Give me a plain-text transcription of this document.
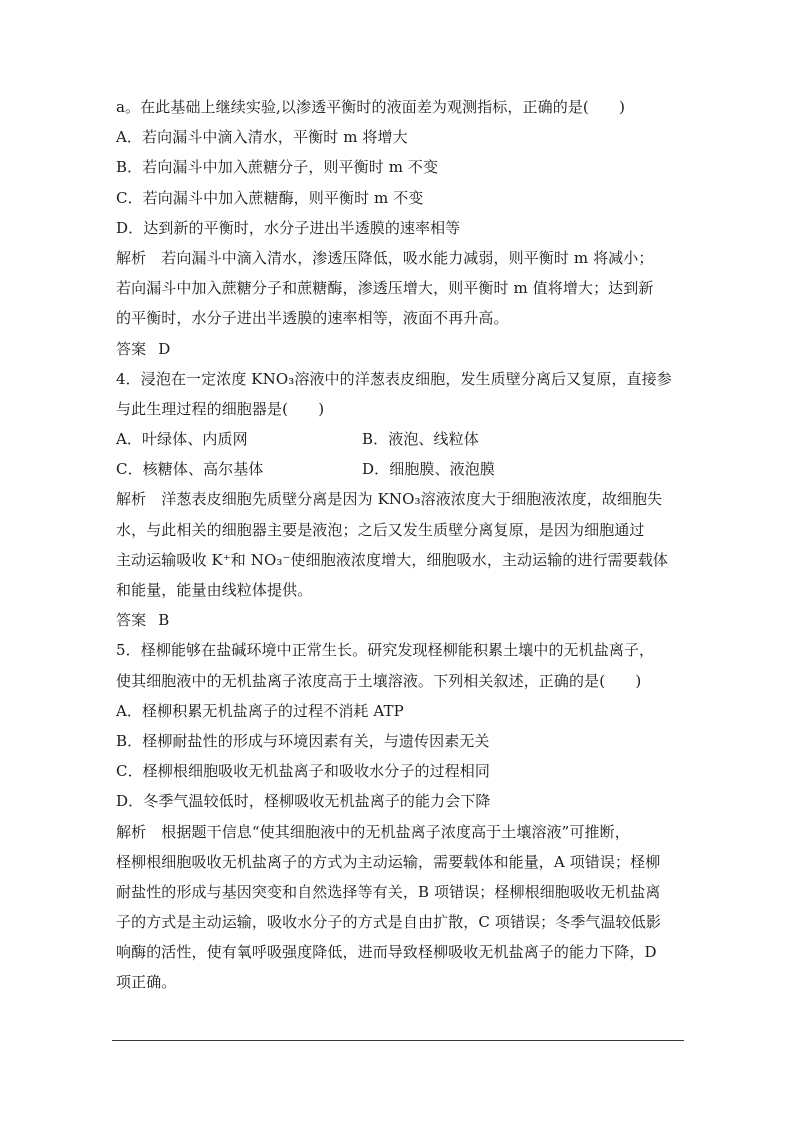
a。在此基础上继续实验,以渗透平衡时的液面差为观测指标，正确的是(　　)
A．若向漏斗中滴入清水，平衡时 m 将增大
B．若向漏斗中加入蔗糖分子，则平衡时 m 不变
C．若向漏斗中加入蔗糖酶，则平衡时 m 不变
D．达到新的平衡时，水分子进出半透膜的速率相等
解析　若向漏斗中滴入清水，渗透压降低，吸水能力减弱，则平衡时 m 将减小；
若向漏斗中加入蔗糖分子和蔗糖酶，渗透压增大，则平衡时 m 值将增大；达到新
的平衡时，水分子进出半透膜的速率相等，液面不再升高。
答案 D
4．浸泡在一定浓度 KNO₃溶液中的洋葱表皮细胞，发生质壁分离后又复原，直接参
与此生理过程的细胞器是(　　)
A．叶绿体、内质网	B．液泡、线粒体
C．核糖体、高尔基体	D．细胞膜、液泡膜
解析　洋葱表皮细胞先质壁分离是因为 KNO₃溶液浓度大于细胞液浓度，故细胞失
水，与此相关的细胞器主要是液泡；之后又发生质壁分离复原，是因为细胞通过
主动运输吸收 K⁺和 NO₃⁻使细胞液浓度增大，细胞吸水，主动运输的进行需要载体
和能量，能量由线粒体提供。
答案 B
5．柽柳能够在盐碱环境中正常生长。研究发现柽柳能积累土壤中的无机盐离子，
使其细胞液中的无机盐离子浓度高于土壤溶液。下列相关叙述，正确的是(　　)
A．柽柳积累无机盐离子的过程不消耗 ATP
B．柽柳耐盐性的形成与环境因素有关，与遗传因素无关
C．柽柳根细胞吸收无机盐离子和吸收水分子的过程相同
D．冬季气温较低时，柽柳吸收无机盐离子的能力会下降
解析　根据题干信息“使其细胞液中的无机盐离子浓度高于土壤溶液”可推断，
柽柳根细胞吸收无机盐离子的方式为主动运输，需要载体和能量，A 项错误；柽柳
耐盐性的形成与基因突变和自然选择等有关，B 项错误；柽柳根细胞吸收无机盐离
子的方式是主动运输，吸收水分子的方式是自由扩散，C 项错误；冬季气温较低影
响酶的活性，使有氧呼吸强度降低，进而导致柽柳吸收无机盐离子的能力下降，D
项正确。
